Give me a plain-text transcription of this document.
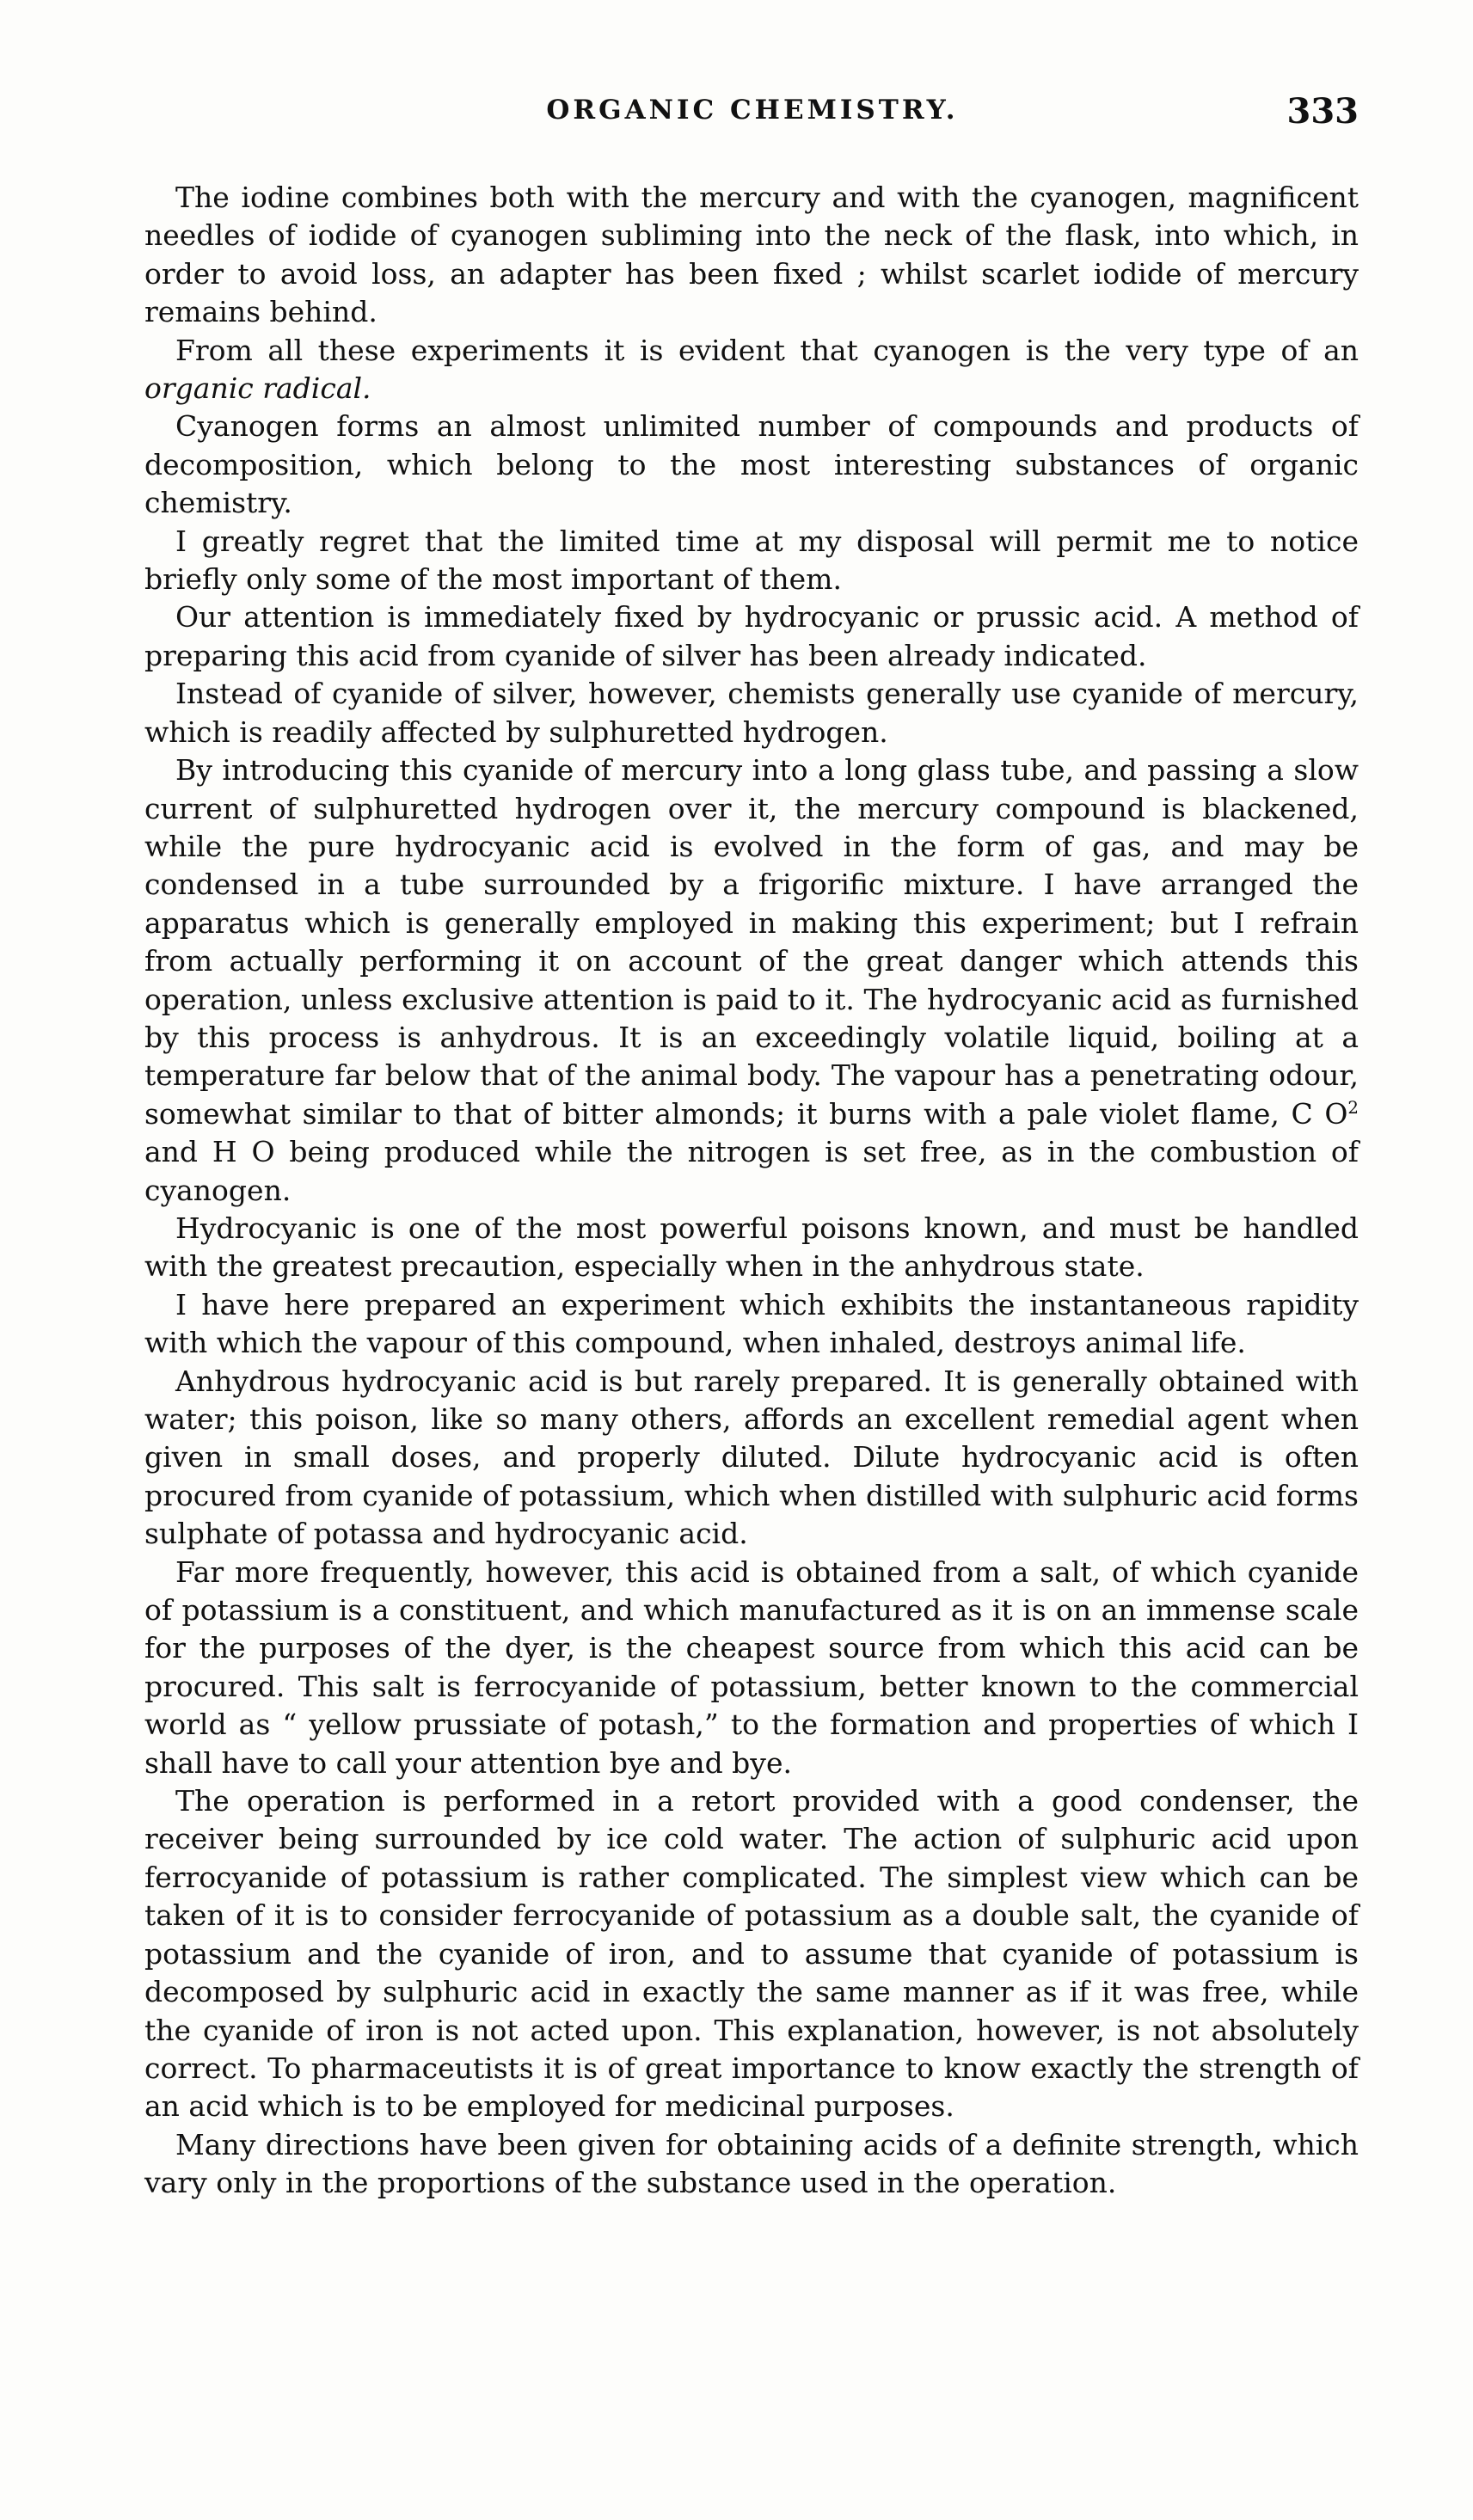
ORGANIC CHEMISTRY.	333

The iodine combines both with the mercury and with the cyanogen, magnificent needles of iodide of cyanogen subliming into the neck of the flask, into which, in order to avoid loss, an adapter has been fixed ; whilst scarlet iodide of mercury remains behind.

From all these experiments it is evident that cyanogen is the very type of an organic radical.

Cyanogen forms an almost unlimited number of compounds and products of decomposition, which belong to the most interesting substances of organic chemistry.

I greatly regret that the limited time at my disposal will permit me to notice briefly only some of the most important of them.

Our attention is immediately fixed by hydrocyanic or prussic acid. A method of preparing this acid from cyanide of silver has been already indicated.

Instead of cyanide of silver, however, chemists generally use cyanide of mercury, which is readily affected by sulphuretted hydrogen.

By introducing this cyanide of mercury into a long glass tube, and passing a slow current of sulphuretted hydrogen over it, the mercury compound is blackened, while the pure hydrocyanic acid is evolved in the form of gas, and may be condensed in a tube surrounded by a frigorific mixture. I have arranged the apparatus which is generally employed in making this experiment; but I refrain from actually performing it on account of the great danger which attends this operation, unless exclusive attention is paid to it. The hydrocyanic acid as furnished by this process is anhydrous. It is an exceedingly volatile liquid, boiling at a temperature far below that of the animal body. The vapour has a penetrating odour, somewhat similar to that of bitter almonds; it burns with a pale violet flame, C $O^2$ and H O being produced while the nitrogen is set free, as in the combustion of cyanogen.

Hydrocyanic is one of the most powerful poisons known, and must be handled with the greatest precaution, especially when in the anhydrous state.

I have here prepared an experiment which exhibits the instantaneous rapidity with which the vapour of this compound, when inhaled, destroys animal life.

Anhydrous hydrocyanic acid is but rarely prepared. It is generally obtained with water; this poison, like so many others, affords an excellent remedial agent when given in small doses, and properly diluted. Dilute hydrocyanic acid is often procured from cyanide of potassium, which when distilled with sulphuric acid forms sulphate of potassa and hydrocyanic acid.

Far more frequently, however, this acid is obtained from a salt, of which cyanide of potassium is a constituent, and which manufactured as it is on an immense scale for the purposes of the dyer, is the cheapest source from which this acid can be procured. This salt is ferrocyanide of potassium, better known to the commercial world as “ yellow prussiate of potash,” to the formation and properties of which I shall have to call your attention bye and bye.

The operation is performed in a retort provided with a good condenser, the receiver being surrounded by ice cold water. The action of sulphuric acid upon ferrocyanide of potassium is rather complicated. The simplest view which can be taken of it is to consider ferrocyanide of potassium as a double salt, the cyanide of potassium and the cyanide of iron, and to assume that cyanide of potassium is decomposed by sulphuric acid in exactly the same manner as if it was free, while the cyanide of iron is not acted upon. This explanation, however, is not absolutely correct. To pharmaceutists it is of great importance to know exactly the strength of an acid which is to be employed for medicinal purposes.

Many directions have been given for obtaining acids of a definite strength, which vary only in the proportions of the substance used in the operation.
